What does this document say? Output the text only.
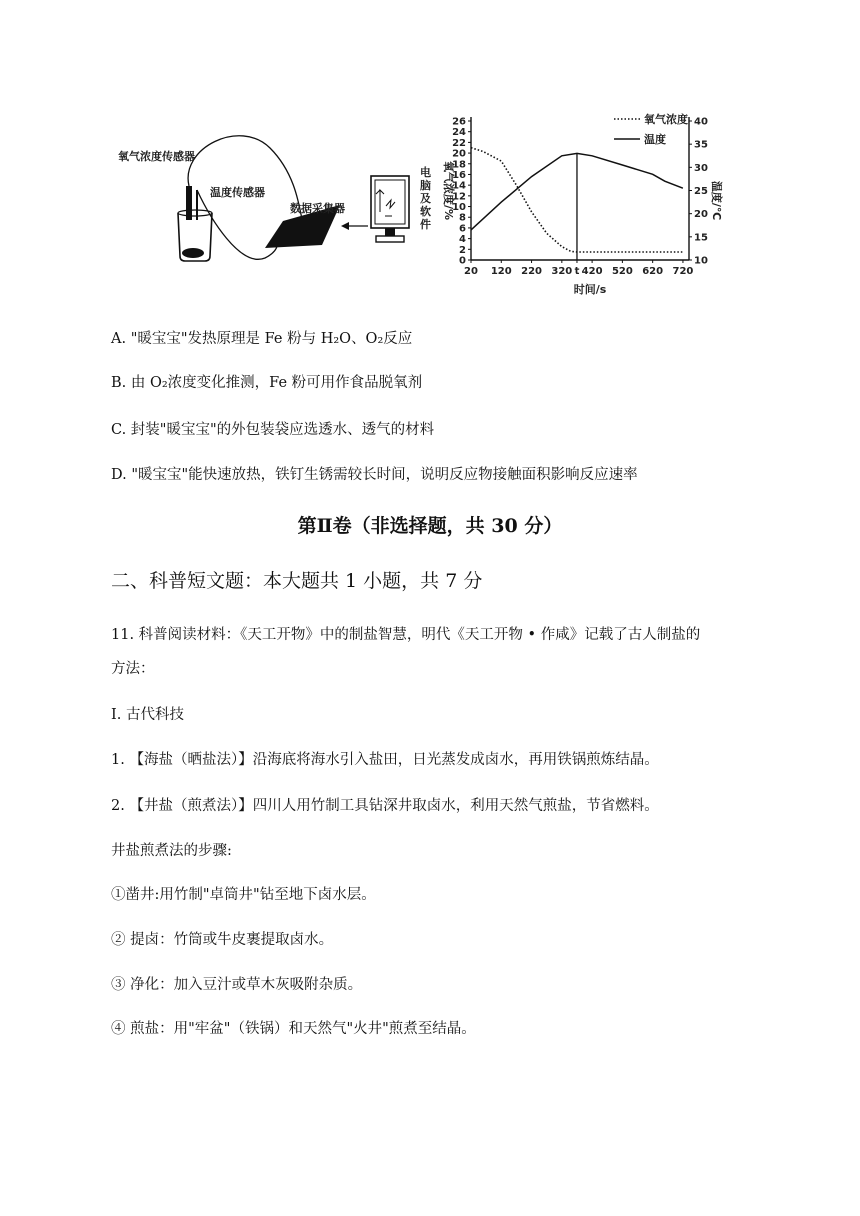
氧气浓度传感器
温度传感器
数据采集器
电脑及软件
0
2
4
6
8
10
12
14
16
18
20
22
24
26
10
15
20
25
30
35
40
20 120 220 320 t 420 520 620 720
氧气浓度/%	温度/℃
时间/s
氧气浓度
温度
A. "暖宝宝"发热原理是 Fe 粉与 H₂O、O₂反应
B. 由 O₂浓度变化推测，Fe 粉可用作食品脱氧剂
C. 封装"暖宝宝"的外包装袋应选透水、透气的材料
D. "暖宝宝"能快速放热，铁钉生锈需较长时间，说明反应物接触面积影响反应速率
第Ⅱ卷（非选择题，共 30 分）
二、科普短文题：本大题共 1 小题，共 7 分
11. 科普阅读材料：《天工开物》中的制盐智慧，明代《天工开物 • 作咸》记载了古人制盐的
方法：
I. 古代科技
1. 【海盐（晒盐法）】沿海底将海水引入盐田，日光蒸发成卤水，再用铁锅煎炼结晶。
2. 【井盐（煎煮法）】四川人用竹制工具钻深井取卤水，利用天然气煎盐，节省燃料。
井盐煎煮法的步骤:
①凿井:用竹制"卓筒井"钻至地下卤水层。
② 提卤：竹筒或牛皮裹提取卤水。
③ 净化：加入豆汁或草木灰吸附杂质。
④ 煎盐：用"牢盆"（铁锅）和天然气"火井"煎煮至结晶。
